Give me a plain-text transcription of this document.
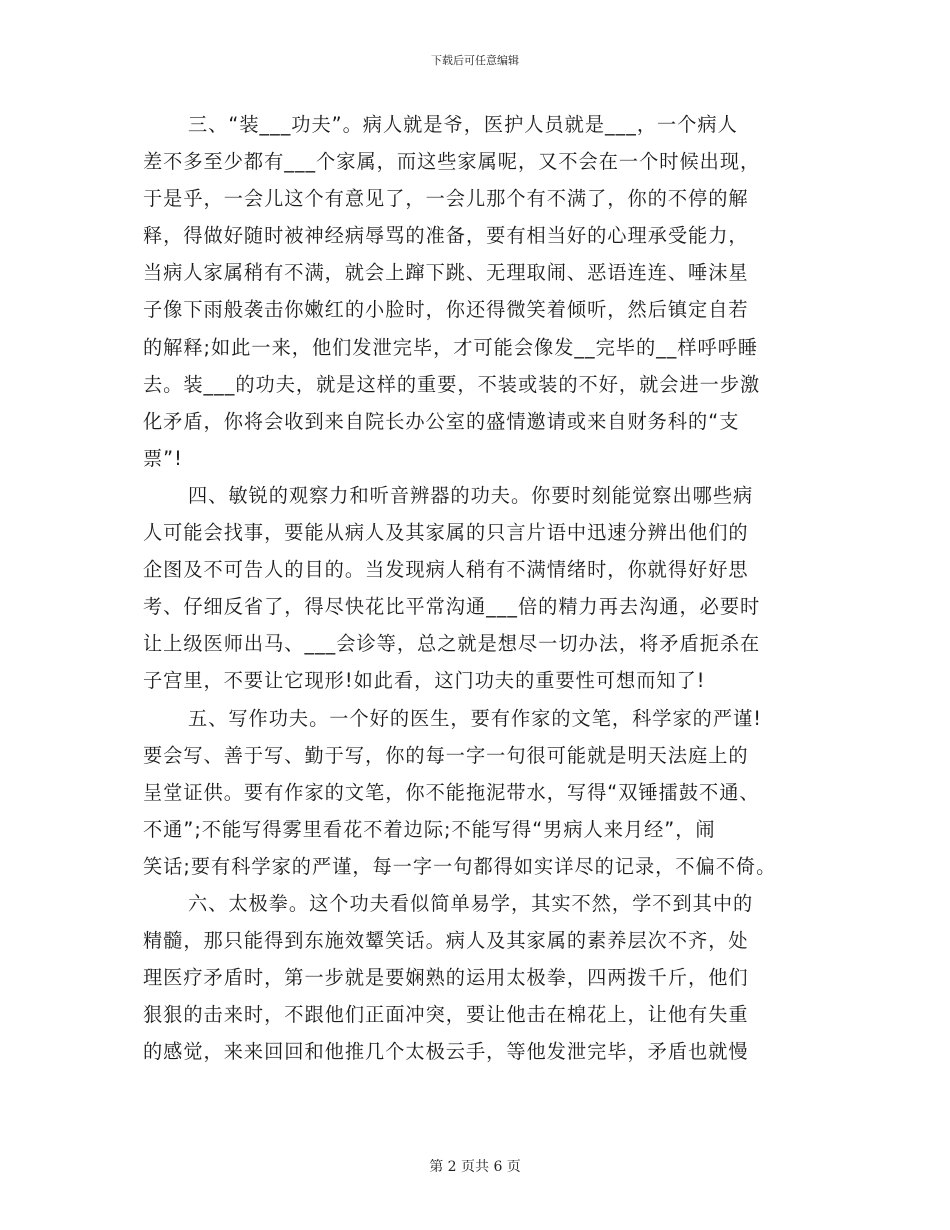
下载后可任意编辑
三、“装___功夫”。病人就是爷，医护人员就是___，一个病人
差不多至少都有___个家属，而这些家属呢，又不会在一个时候出现，
于是乎，一会儿这个有意见了，一会儿那个有不满了，你的不停的解
释，得做好随时被神经病辱骂的准备，要有相当好的心理承受能力，
当病人家属稍有不满，就会上蹿下跳、无理取闹、恶语连连、唾沫星
子像下雨般袭击你嫩红的小脸时，你还得微笑着倾听，然后镇定自若
的解释;如此一来，他们发泄完毕，才可能会像发__完毕的__样呼呼睡
去。装___的功夫，就是这样的重要，不装或装的不好，就会进一步激
化矛盾，你将会收到来自院长办公室的盛情邀请或来自财务科的“支
票”!
四、敏锐的观察力和听音辨器的功夫。你要时刻能觉察出哪些病
人可能会找事，要能从病人及其家属的只言片语中迅速分辨出他们的
企图及不可告人的目的。当发现病人稍有不满情绪时，你就得好好思
考、仔细反省了，得尽快花比平常沟通___倍的精力再去沟通，必要时
让上级医师出马、___会诊等，总之就是想尽一切办法，将矛盾扼杀在
子宫里，不要让它现形!如此看，这门功夫的重要性可想而知了!
五、写作功夫。一个好的医生，要有作家的文笔，科学家的严谨!
要会写、善于写、勤于写，你的每一字一句很可能就是明天法庭上的
呈堂证供。要有作家的文笔，你不能拖泥带水，写得“双锤擂鼓不通、
不通”;不能写得雾里看花不着边际;不能写得“男病人来月经”，闹
笑话;要有科学家的严谨，每一字一句都得如实详尽的记录，不偏不倚。
六、太极拳。这个功夫看似简单易学，其实不然，学不到其中的
精髓，那只能得到东施效颦笑话。病人及其家属的素养层次不齐，处
理医疗矛盾时，第一步就是要娴熟的运用太极拳，四两拨千斤，他们
狠狠的击来时，不跟他们正面冲突，要让他击在棉花上，让他有失重
的感觉，来来回回和他推几个太极云手，等他发泄完毕，矛盾也就慢
第 2 页共 6 页
